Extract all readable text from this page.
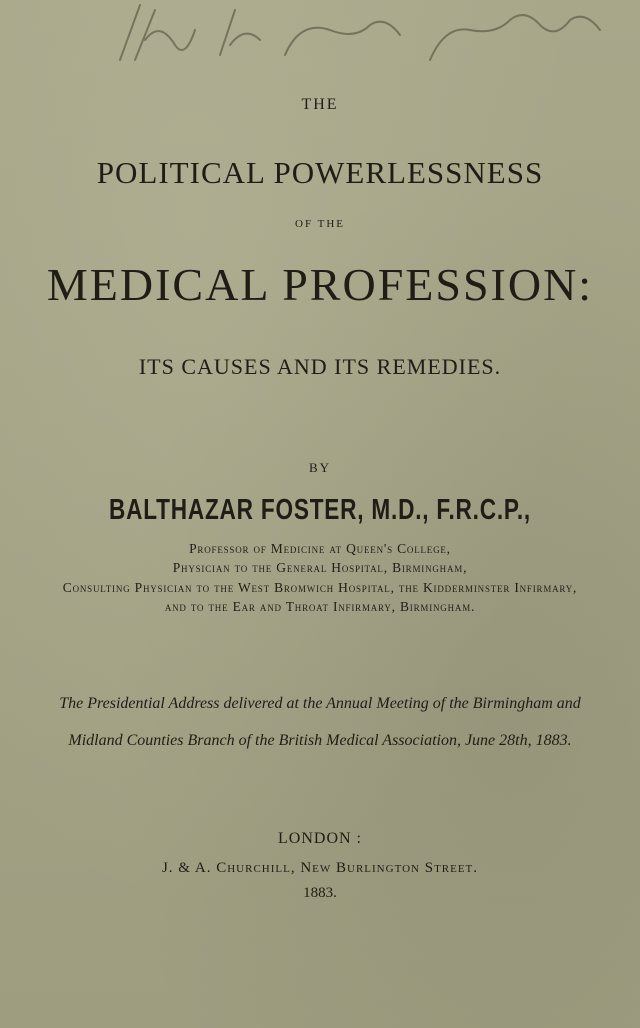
THE
POLITICAL POWERLESSNESS
OF THE
MEDICAL PROFESSION:
ITS CAUSES AND ITS REMEDIES.
BY
BALTHAZAR FOSTER, M.D., F.R.C.P.,
Professor of Medicine at Queen's College,
Physician to the General Hospital, Birmingham,
Consulting Physician to the West Bromwich Hospital, the Kidderminster Infirmary,
and to the Ear and Throat Infirmary, Birmingham.
The Presidential Address delivered at the Annual Meeting of the Birmingham and
Midland Counties Branch of the British Medical Association, June 28th, 1883.
LONDON :
J. & A. Churchill, New Burlington Street.
1883.
